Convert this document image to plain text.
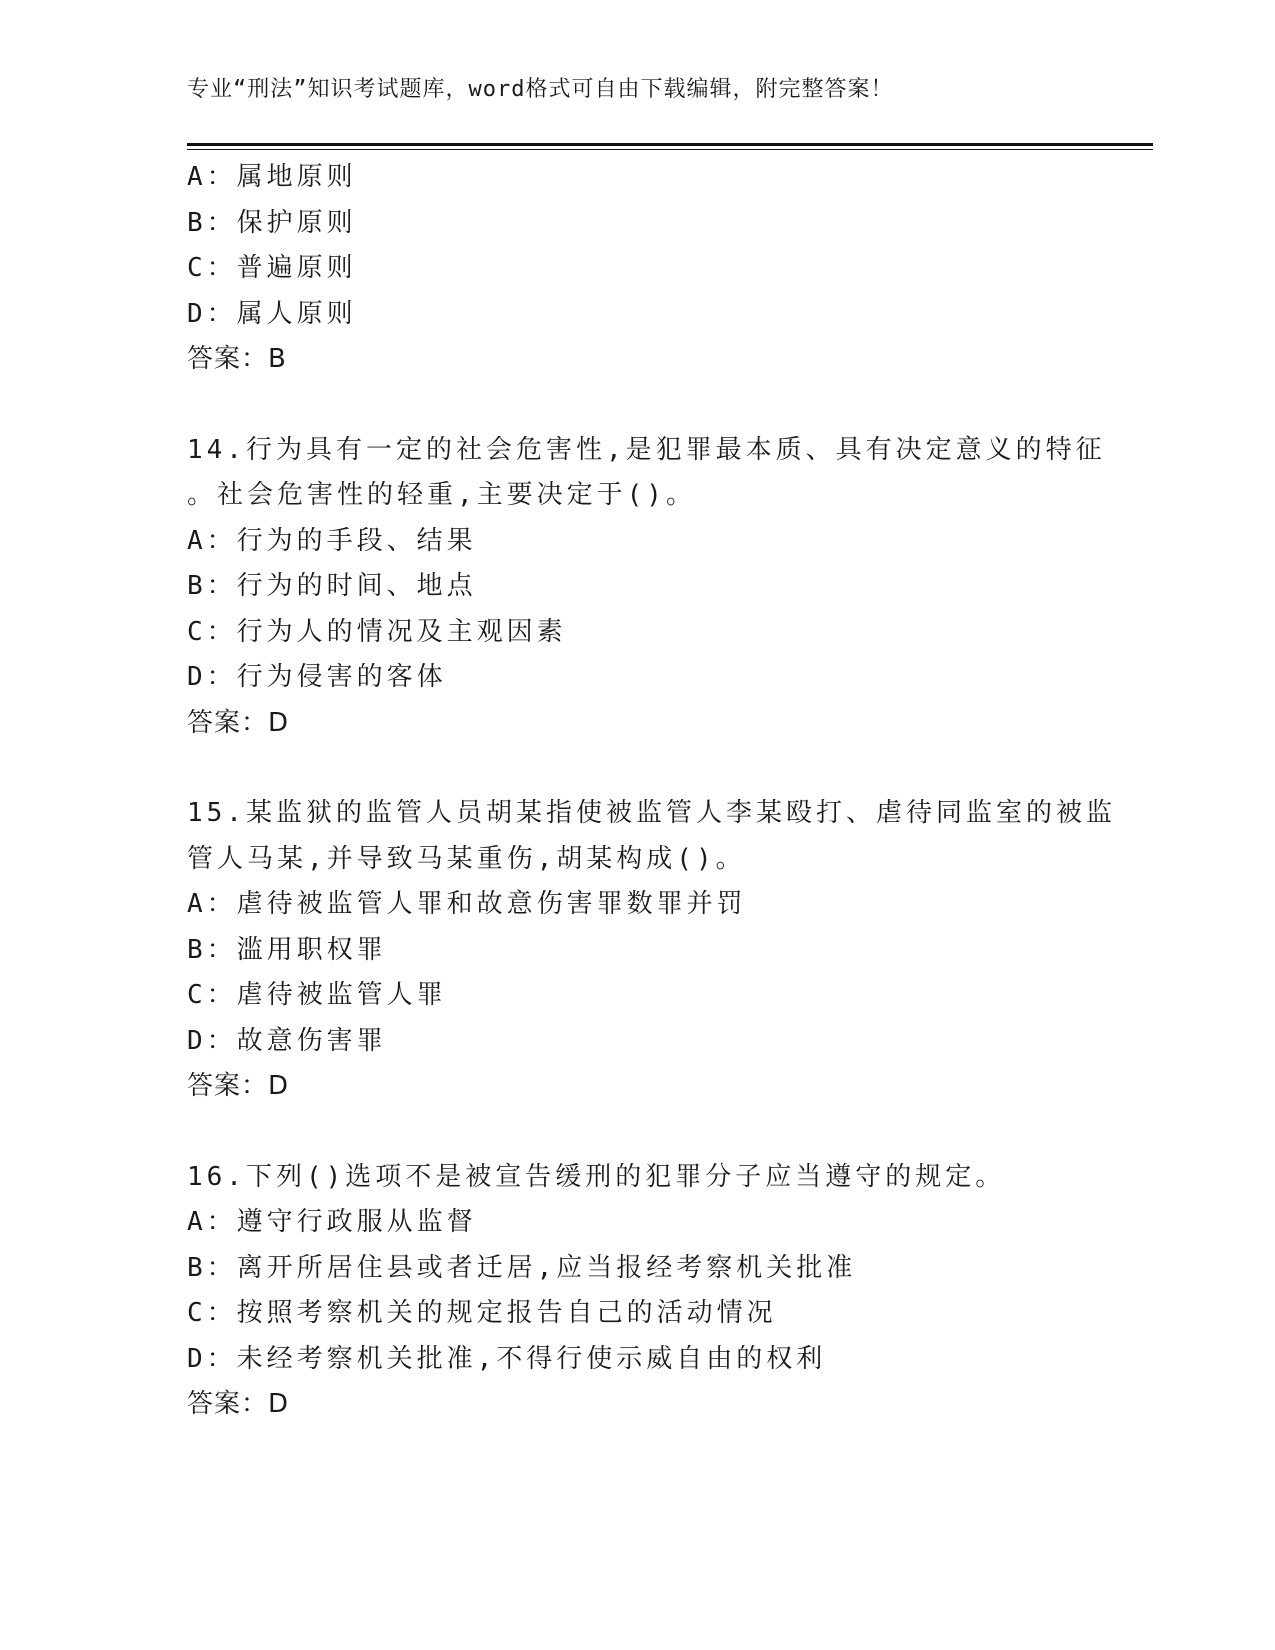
专业“刑法”知识考试题库，word格式可自由下载编辑，附完整答案！
A：属地原则
B：保护原则
C：普遍原则
D：属人原则
答案：B
14.行为具有一定的社会危害性,是犯罪最本质、具有决定意义的特征
。社会危害性的轻重,主要决定于()。
A：行为的手段、结果
B：行为的时间、地点
C：行为人的情况及主观因素
D：行为侵害的客体
答案：D
15.某监狱的监管人员胡某指使被监管人李某殴打、虐待同监室的被监
管人马某,并导致马某重伤,胡某构成()。
A：虐待被监管人罪和故意伤害罪数罪并罚
B：滥用职权罪
C：虐待被监管人罪
D：故意伤害罪
答案：D
16.下列()选项不是被宣告缓刑的犯罪分子应当遵守的规定。
A：遵守行政服从监督
B：离开所居住县或者迁居,应当报经考察机关批准
C：按照考察机关的规定报告自己的活动情况
D：未经考察机关批准,不得行使示威自由的权利
答案：D
